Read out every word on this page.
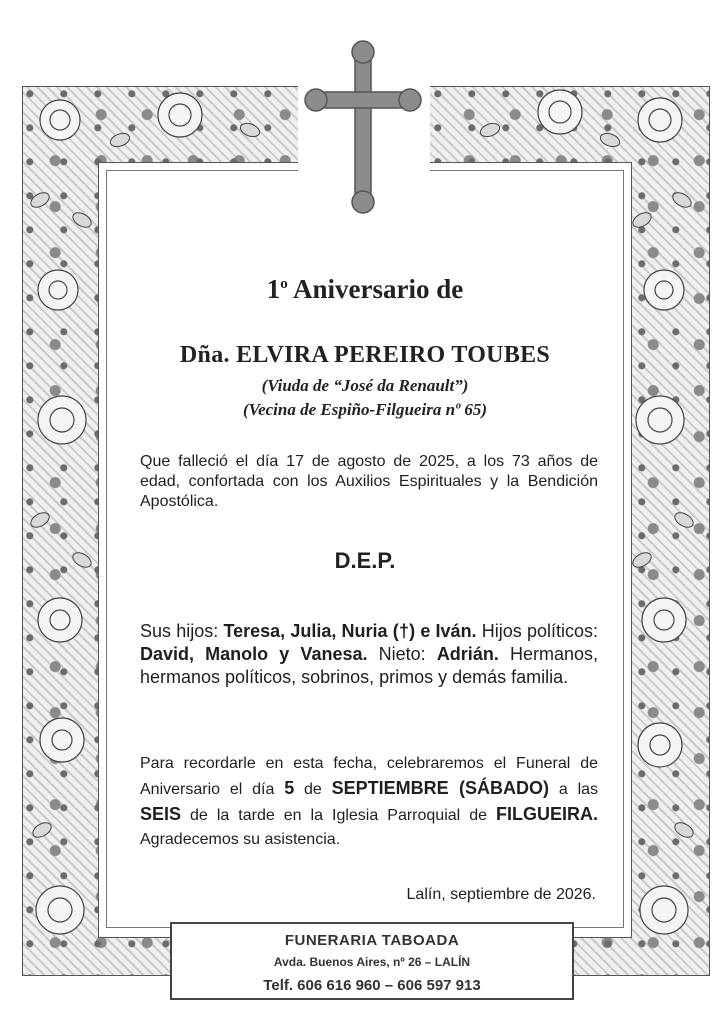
1$^o$ Aniversario de

Dña. ELVIRA PEREIRO TOUBES
(Viuda de “José da Renault”)
(Vecina de Espiño-Filgueira nº 65)
Que falleció el día 17 de agosto de 2025, a los 73 años de edad, confortada con los Auxilios Espirituales y la Bendición Apostólica.
D.E.P.
Sus hijos: Teresa, Julia, Nuria (†) e Iván. Hijos políticos: David, Manolo y Vanesa. Nieto: Adrián. Hermanos, hermanos políticos, sobrinos, primos y demás familia.
Para recordarle en esta fecha, celebraremos el Funeral de Aniversario el día 5 de SEPTIEMBRE (SÁBADO) a las SEIS de la tarde en la Iglesia Parroquial de FILGUEIRA. Agradecemos su asistencia.
Lalín, septiembre de 2026.
FUNERARIA TABOADA
Avda. Buenos Aires, nº 26 – LALÍN
Telf. 606 616 960 – 606 597 913
